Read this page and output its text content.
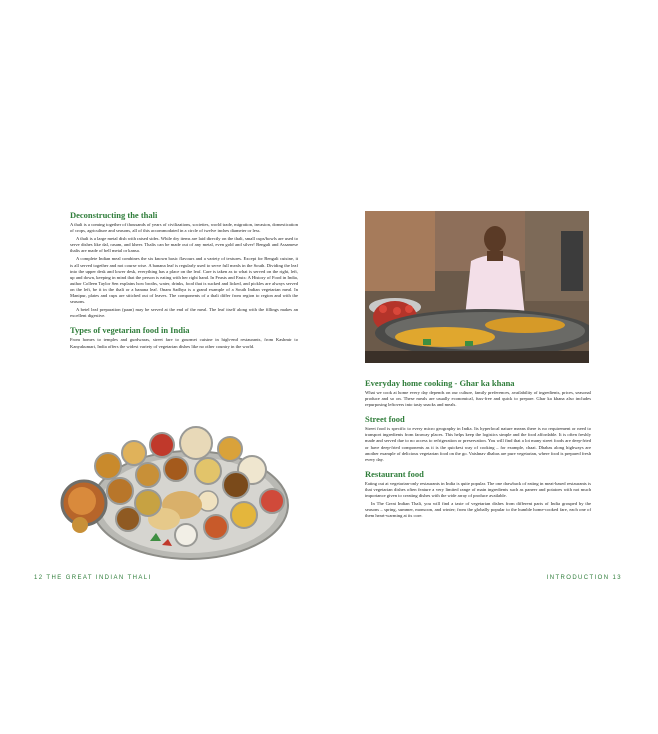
Deconstructing the thali

A thali is a coming together of thousands of years of civilizations, societies, world trade, migration, invasion, domestication of crops, agriculture and seasons, all of this accommodated in a circle of twelve inches diameter or less.

A thali is a large metal dish with raised sides. While dry items are laid directly on the thali, small cups/bowls are used to serve dishes like dal, rasam, and kheer. Thalis can be made out of any metal, even gold and silver! Bengali and Assamese thalis are made of bell metal or kansa.

A complete Indian meal combines the six known basic flavours and a variety of textures. Except for Bengali cuisine, it is all served together and not course wise. A banana leaf is regularly used to serve full meals in the South. Dividing the leaf into the upper desk and lower desk, everything has a place on the leaf. Care is taken as to what is served on the right, left, up and down, keeping in mind that the person is eating with her right hand. In Feasts and Fasts: A History of Food in India, author Colleen Taylor Sen explains how broths, water, drinks, food that is sucked and licked, and pickles are always served on the left, be it in the thali or a banana leaf. Onam Sadhya is a grand example of a South Indian vegetarian meal. In Manipur, plates and cups are stitched out of leaves. The components of a thali differ from region to region and with the seasons.

A betel leaf preparation (paan) may be served at the end of the meal. The leaf itself along with the fillings makes an excellent digestive.

Types of vegetarian food in India

From homes to temples and gurdwaras, street fare to gourmet cuisine in high-end restaurants, from Kashmir to Kanyakumari, India offers the widest variety of vegetarian dishes like no other country in the world.

Everyday home cooking - Ghar ka khana

What we cook at home every day depends on our culture, family preferences, availability of ingredients, prices, seasonal produce and so on. These meals are usually economical, fuss-free and quick to prepare. Ghar ka khana also includes repurposing leftovers into tasty snacks and meals.

Street food

Street food is specific to every micro geography in India. Its hyperlocal nature means there is no requirement or need to transport ingredients from faraway places. This helps keep the logistics simple and the food affordable. It is often freshly made and served due to no access to refrigeration or preservation. You will find that a lot many street foods are deep-fried or have deep-fried components as it is the quickest way of cooking – for example, chaat. Dhabas along highways are another example of delicious vegetarian food on the go. Vaishnav dhabas are pure vegetarian, where food is prepared fresh every day.

Restaurant food

Eating out at vegetarian-only restaurants in India is quite popular. The one drawback of eating in meat-based restaurants is that vegetarian dishes often feature a very limited range of main ingredients such as paneer and potatoes with not much importance given to creating dishes with the wide array of produce available.

In The Great Indian Thali, you will find a taste of vegetarian dishes from different parts of India grouped by the seasons – spring, summer, monsoon, and winter; from the globally popular to the humble home-cooked fare, each one of them heart-warming at its core.

12 THE GREAT INDIAN THALI	INTRODUCTION 13
